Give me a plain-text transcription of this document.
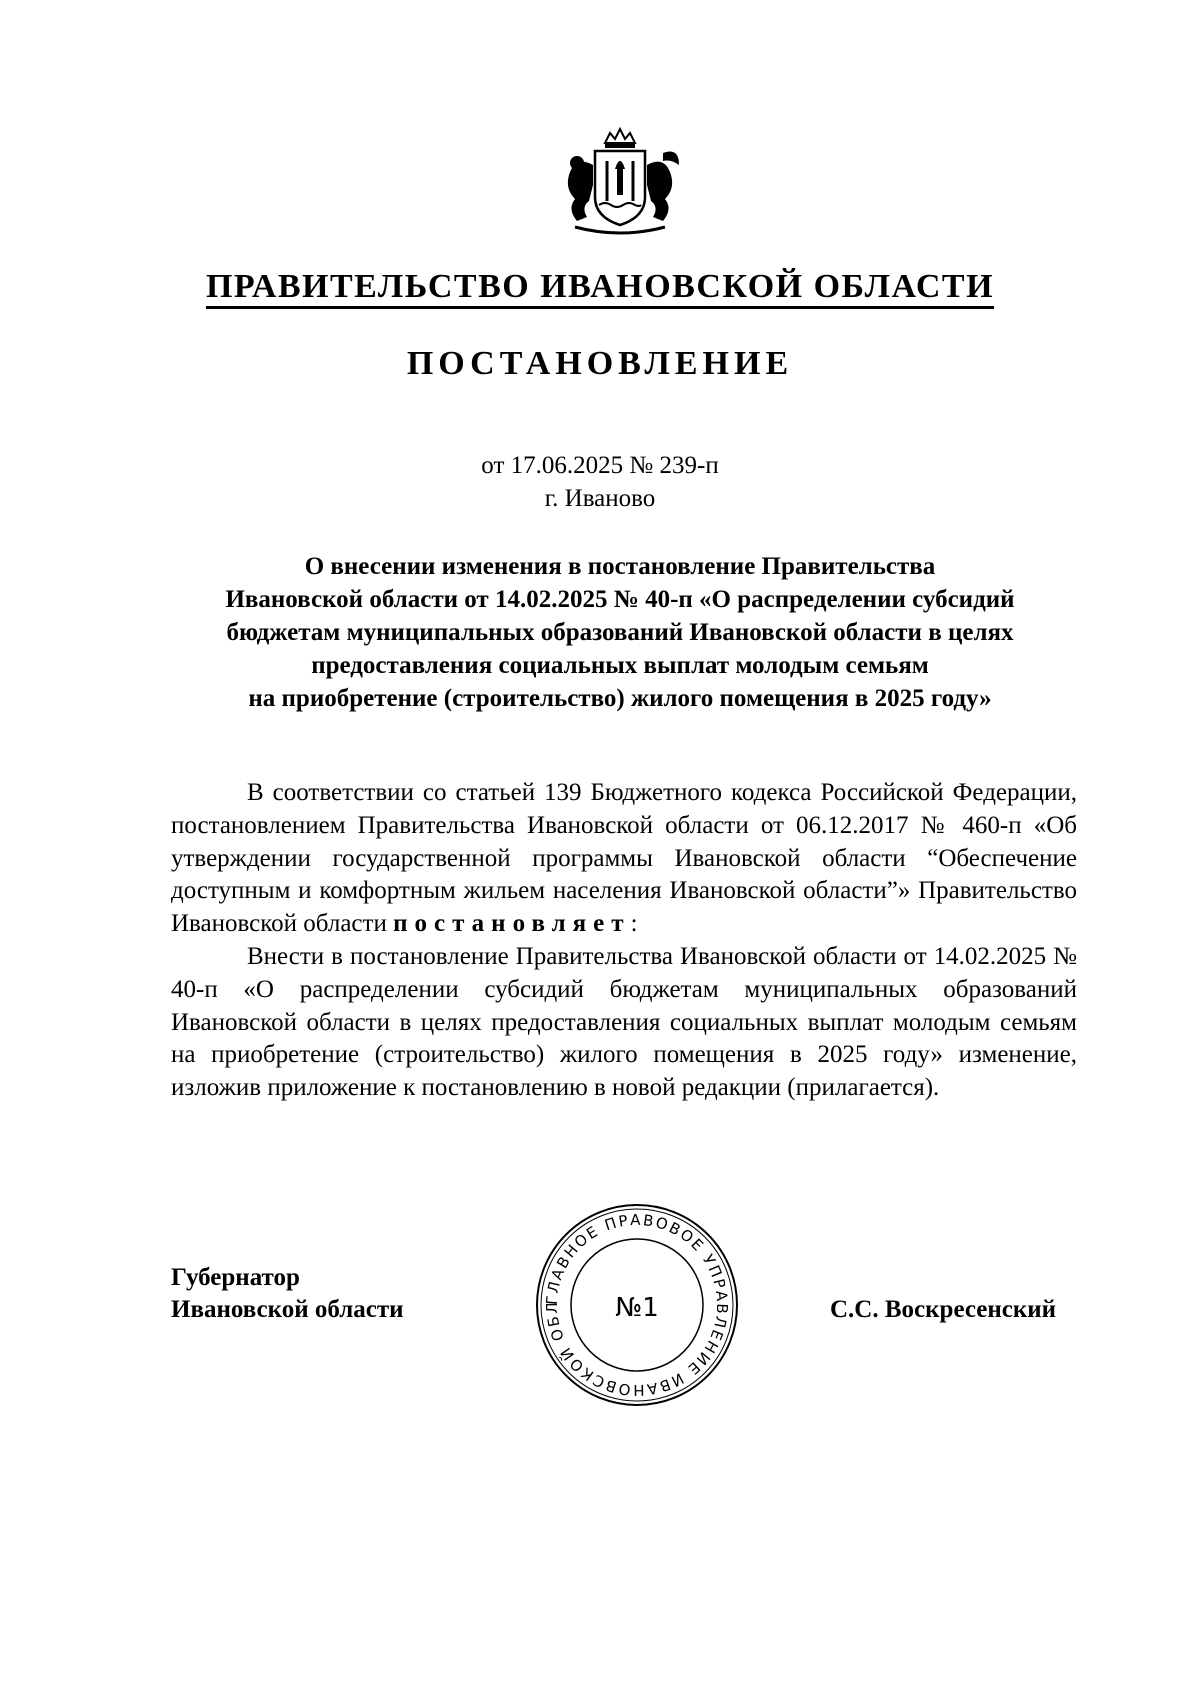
ПРАВИТЕЛЬСТВО ИВАНОВСКОЙ ОБЛАСТИ
ПОСТАНОВЛЕНИЕ
от 17.06.2025 № 239-п
г. Иваново
О внесении изменения в постановление Правительства
Ивановской области от 14.02.2025 № 40-п «О распределении субсидий
бюджетам муниципальных образований Ивановской области в целях
предоставления социальных выплат молодым семьям
на приобретение (строительство) жилого помещения в 2025 году»

В соответствии со статьей 139 Бюджетного кодекса Российской Федерации, постановлением Правительства Ивановской области от 06.12.2017 № 460-п «Об утверждении государственной программы Ивановской области “Обеспечение доступным и комфортным жильем населения Ивановской области”» Правительство Ивановской области постановляет:

Внести в постановление Правительства Ивановской области от 14.02.2025 № 40-п «О распределении субсидий бюджетам муниципальных образований Ивановской области в целях предоставления социальных выплат молодым семьям на приобретение (строительство) жилого помещения в 2025 году» изменение, изложив приложение к постановлению в новой редакции (прилагается).

Губернатор
Ивановской области	ГЛАВНОЕ ПРАВОВОЕ УПРАВЛЕНИЕ ИВАНОВСКОЙ ОБЛ	№1	С.С. Воскресенский
